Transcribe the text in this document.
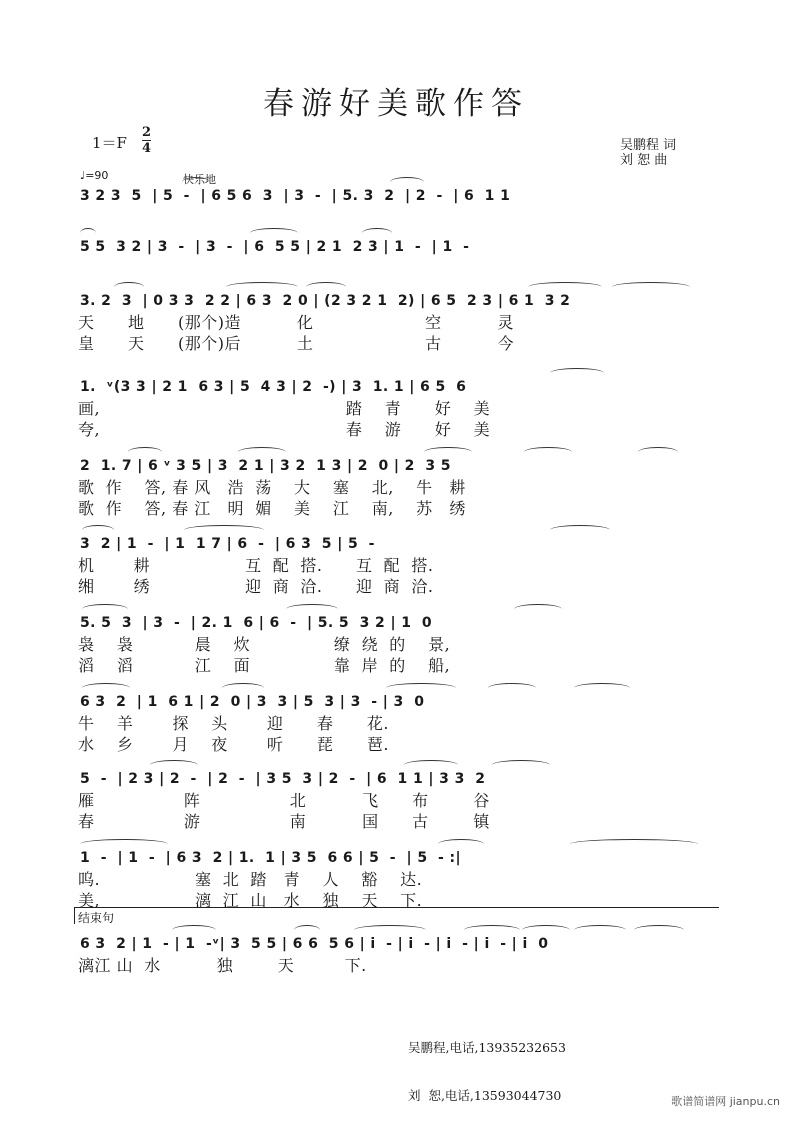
春游好美歌作答
1＝F
2
4	吴鹏程 词
刘 恕 曲
♩=90	快乐地
3 2 3  5  | 5  -  | 6 5 6  3  | 3  -  | 5. 3  2  | 2  -  | 6  1 1
5 5  3 2 | 3  -  | 3  -  | 6  5 5 | 2 1  2 3 | 1  -  | 1  -
3. 2  3  | 0 3 3  2 2 | 6 3  2 0 | (2 3 2 1  2) | 6 5  2 3 | 6 1  3 2
天      地      (那个)造          化                    空          灵
皇      天      (那个)后          土                    古          今
1.  ᵛ(3 3 | 2 1  6 3 | 5  4 3 | 2  -) | 3  1. 1 | 6 5  6
画,                                            踏    青      好    美
夸,                                            春    游      好    美
2  1. 7 | 6 ᵛ 3 5 | 3  2 1 | 3 2  1 3 | 2  0 | 2  3 5
歌  作    答, 春 风   浩  荡    大    塞    北,    牛   耕
歌  作    答, 春 江   明  媚    美    江    南,    苏   绣
3  2 | 1  -  | 1  1 7 | 6  -  | 6 3  5 | 5  -
机       耕                 互  配  搭.      互  配  搭.
缃       绣                 迎  商  洽.      迎  商  洽.
5. 5  3  | 3  -  | 2. 1  6 | 6  -  | 5. 5  3 2 | 1  0
袅    袅           晨    炊               缭  绕  的    景,
滔    滔           江    面               靠  岸  的    船,
6 3  2  | 1  6 1 | 2  0 | 3  3 | 5  3 | 3  - | 3  0
牛    羊       探    头       迎      春      花.
水    乡       月    夜       听      琵      琶.
5  -  | 2 3 | 2  -  | 2  -  | 3 5  3 | 2  -  | 6  1 1 | 3 3  2
雁                阵                北          飞      布        谷
春                游                南          国      古        镇
1  -  | 1  -  | 6 3  2 | 1.  1 | 3 5  6 6 | 5  -  | 5  - :|
呜.                 塞  北  踏   青    人    豁    达.
美,                 漓  江  山   水    独    天    下.
6 3  2 | 1  - | 1  -ᵛ| 3  5 5 | 6 6  5 6 | i  - | i  - | i  - | i  - | i  0
漓江 山  水          独        天         下.
结束句

吴鹏程,电话,13935232653

刘  恕,电话,13593044730

	歌谱简谱网 jianpu.cn
